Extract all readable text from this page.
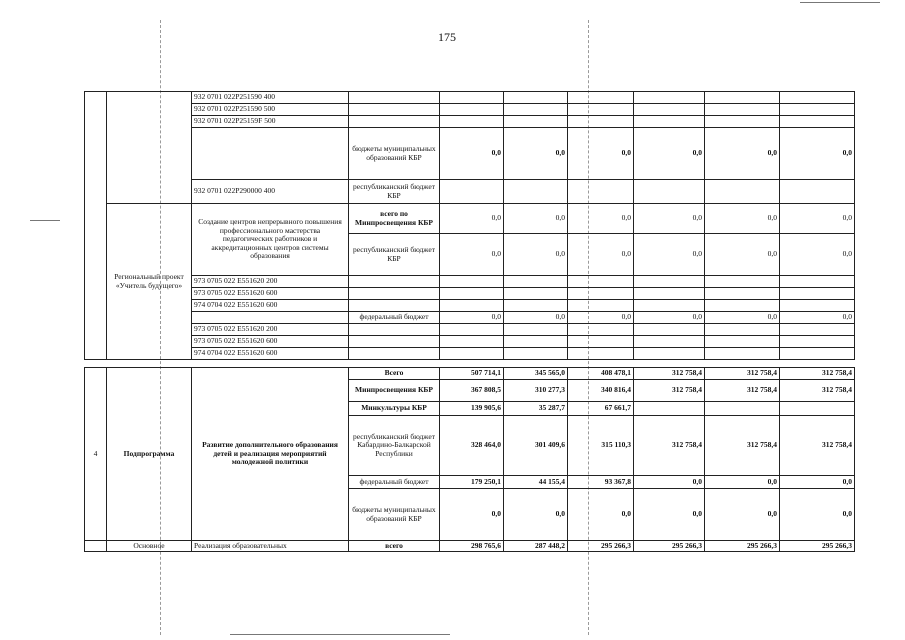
175
		932 0701 022P251590 400							
		932 0701 022P251590 500							
		932 0701 022P25159F 500							
			бюджеты муниципальных образований КБР	0,0	0,0	0,0	0,0	0,0	0,0
		932 0701 022P290000 400	республиканский бюджет КБР						
	Региональный проект «Учитель будущего»	Создание центров непрерывного повышения профессионального мастерства педагогических работников и аккредитационных центров системы образования	всего по Минпросвещения КБР	0,0	0,0	0,0	0,0	0,0	0,0
			республиканский бюджет КБР	0,0	0,0	0,0	0,0	0,0	0,0
		973 0705 022 E551620 200							
		973 0705 022 E551620 600							
		974 0704 022 E551620 600							
			федеральный бюджет	0,0	0,0	0,0	0,0	0,0	0,0
		973 0705 022 E551620 200							
		973 0705 022 E551620 600							
		974 0704 022 E551620 600							
4	Подпрограмма	Развитие дополнительного образования детей и реализация мероприятий молодежной политики	Всего	507 714,1	345 565,0	408 478,1	312 758,4	312 758,4	312 758,4
			Минпросвещения КБР	367 808,5	310 277,3	340 816,4	312 758,4	312 758,4	312 758,4
			Минкультуры КБР	139 905,6	35 287,7	67 661,7			
			республиканский бюджет Кабардино-Балкарской Республики	328 464,0	301 409,6	315 110,3	312 758,4	312 758,4	312 758,4
			федеральный бюджет	179 250,1	44 155,4	93 367,8	0,0	0,0	0,0
			бюджеты муниципальных образований КБР	0,0	0,0	0,0	0,0	0,0	0,0
	Основное	Реализация образовательных	всего	298 765,6	287 448,2	295 266,3	295 266,3	295 266,3	295 266,3
